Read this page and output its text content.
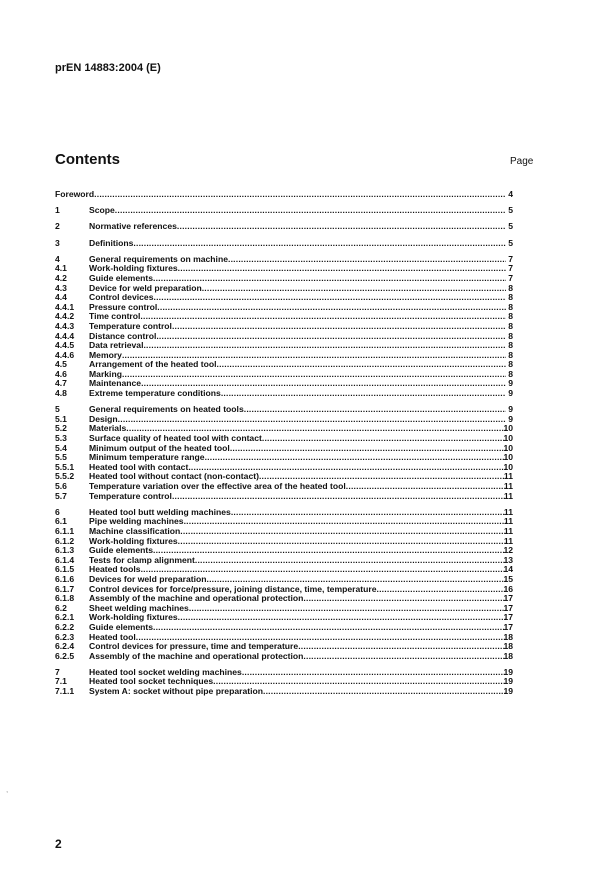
prEN 14883:2004 (E)
Contents	Page
Foreword .....	4
1	Scope .....	5
2	Normative references .....	5
3	Definitions .....	5
4	General requirements on machine .....	7
4.1	Work-holding fixtures .....	7
4.2	Guide elements .....	7
4.3	Device for weld preparation .....	8
4.4	Control devices .....	8
4.4.1 Pressure control .....	8
4.4.2 Time control .....	8
4.4.3 Temperature control .....	8
4.4.4 Distance control .....	8
4.4.5 Data retrieval .....	8
4.4.6 Memory .....	8
4.5	Arrangement of the heated tool .....	8
4.6	Marking .....	8
4.7	Maintenance .....	9
4.8	Extreme temperature conditions .....	9
5	General requirements on heated tools .....	9
5.1	Design .....	9
5.2	Materials .....	10
5.3	Surface quality of heated tool with contact .....	10
5.4	Minimum output of the heated tool .....	10
5.5	Minimum temperature range .....	10
5.5.1 Heated tool with contact .....	10
5.5.2 Heated tool without contact (non-contact) .....	11
5.6	Temperature variation over the effective area of the heated tool .....	11
5.7	Temperature control .....	11
6	Heated tool butt welding machines .....	11
6.1	Pipe welding machines .....	11
6.1.1 Machine classification .....	11
6.1.2 Work-holding fixtures .....	11
6.1.3 Guide elements .....	12
6.1.4 Tests for clamp alignment .....	13
6.1.5 Heated tools .....	14
6.1.6 Devices for weld preparation .....	15
6.1.7 Control devices for force/pressure, joining distance, time, temperature .....	16
6.1.8 Assembly of the machine and operational protection .....	17
6.2	Sheet welding machines .....	17
6.2.1 Work-holding fixtures .....	17
6.2.2 Guide elements .....	17
6.2.3 Heated tool .....	18
6.2.4 Control devices for pressure, time and temperature .....	18
6.2.5 Assembly of the machine and operational protection .....	18
7	Heated tool socket welding machines .....	19
7.1	Heated tool socket techniques .....	19
7.1.1 System A: socket without pipe preparation .....	19
2
,
